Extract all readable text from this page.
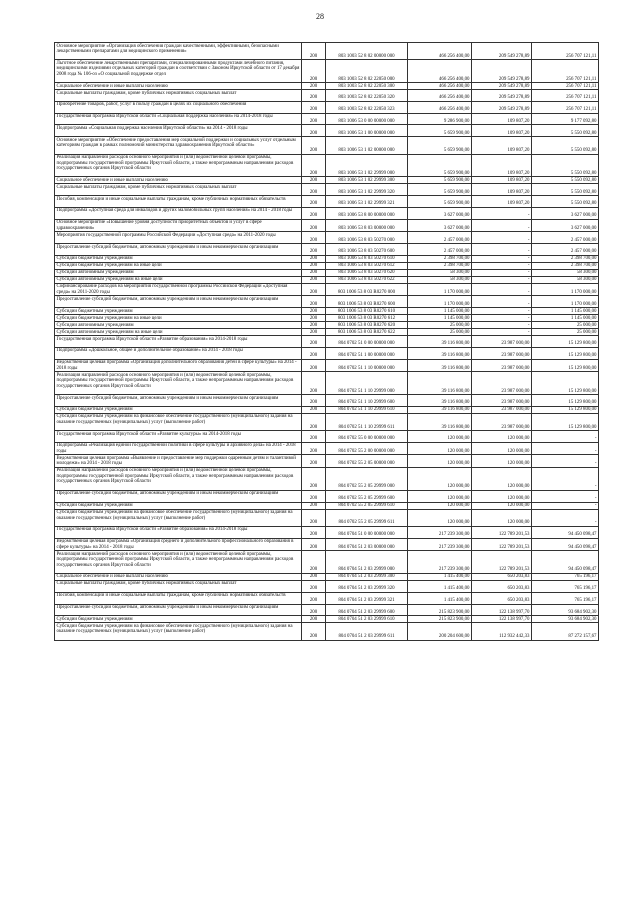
28
Основное мероприятие «Организация обеспечения граждан качественными, эффективными, безопасными лекарственными препаратами для медицинского применения»	200	803 1003 52 8 02 00000 000	466 256 400,00	209 549 278,89	256 707 121,11
Льготное обеспечение лекарственными препаратами, специализированными продуктами лечебного питания, медицинскими изделиями отдельных категорий граждан в соответствии с Законом Иркутской области от 17 декабря 2008 года № 106-оз «О социальной поддержке отдел	200	803 1003 52 8 02 22050 000	466 256 400,00	209 549 278,89	256 707 121,11
Социальное обеспечение и иные выплаты населению	200	803 1003 52 8 02 22050 300	466 256 400,00	209 549 278,89	256 707 121,11
Социальные выплаты гражданам, кроме публичных нормативных социальных выплат	200	803 1003 52 8 02 22050 320	466 256 400,00	209 549 278,89	256 707 121,11
Приобретение товаров, работ, услуг в пользу граждан в целях их социального обеспечения	200	803 1003 52 8 02 22050 323	466 256 400,00	209 549 278,89	256 707 121,11
Государственная программа Иркутской области «Социальная поддержка населения» на 2014-2018 годы	200	803 1006 53 0 00 00000 000	9 286 900,00	109 807,20	9 177 092,80
Подпрограмма «Социальная поддержка населения Иркутской области» на 2014 - 2018 годы	200	803 1006 53 1 00 00000 000	5 659 900,00	109 807,20	5 550 092,80
Основное мероприятие «Обеспечение предоставления мер социальной поддержки и социальных услуг отдельным категориям граждан в рамках полномочий министерства здравоохранения Иркутской области»	200	803 1006 53 1 02 00000 000	5 659 900,00	109 807,20	5 550 092,80
Реализация направлений расходов основного мероприятия и (или) ведомственной целевой программы, подпрограммы государственной программы Иркутской области, а также непрограммным направлениям расходов государственных органов Иркутской области	200	803 1006 53 1 02 29999 000	5 659 900,00	109 807,20	5 550 092,80
Социальное обеспечение и иные выплаты населению	200	803 1006 53 1 02 29999 300	5 659 900,00	109 807,20	5 550 092,80
Социальные выплаты гражданам, кроме публичных нормативных социальных выплат	200	803 1006 53 1 02 29999 320	5 659 900,00	109 807,20	5 550 092,80
Пособия, компенсации и иные социальные выплаты гражданам, кроме публичных нормативных обязательств	200	803 1006 53 1 02 29999 321	5 659 900,00	109 807,20	5 550 092,80
Подпрограмма «Доступная среда для инвалидов и других маломобильных групп населения» на 2014 - 2018 годы	200	803 1006 53 8 00 00000 000	3 627 000,00	-	3 627 000,00
Основное мероприятие «Повышение уровня доступности приоритетных объектов и услуг в сфере здравоохранения»	200	803 1006 53 8 03 00000 000	3 627 000,00	-	3 627 000,00
Мероприятия государственной программы Российской Федерации «Доступная среда» на 2011-2020 годы	200	803 1006 53 8 03 50270 000	2 457 000,00	-	2 457 000,00
Предоставление субсидий бюджетным, автономным учреждениям и иным некоммерческим организациям	200	803 1006 53 8 03 50270 600	2 457 000,00	-	2 457 000,00
Субсидии бюджетным учреждениям	200	803 1006 53 8 03 50270 610	2 398 700,00	-	2 398 700,00
Субсидии бюджетным учреждениям на иные цели	200	803 1006 53 8 03 50270 612	2 398 700,00	-	2 398 700,00
Субсидии автономным учреждениям	200	803 1006 53 8 03 50270 620	58 300,00	-	58 300,00
Субсидии автономным учреждениям на иные цели	200	803 1006 53 8 03 50270 622	58 300,00	-	58 300,00
Софинансирование расходов на мероприятия государственной программы Российской Федерации «Доступная среда» на 2011-2020 годы	200	803 1006 53 8 03 R0270 000	1 170 000,00	-	1 170 000,00
Предоставление субсидий бюджетным, автономным учреждениям и иным некоммерческим организациям	200	803 1006 53 8 03 R0270 600	1 170 000,00	-	1 170 000,00
Субсидии бюджетным учреждениям	200	803 1006 53 8 03 R0270 610	1 145 000,00	-	1 145 000,00
Субсидии бюджетным учреждениям на иные цели	200	803 1006 53 8 03 R0270 612	1 145 000,00	-	1 145 000,00
Субсидии автономным учреждениям	200	803 1006 53 8 03 R0270 620	25 000,00	-	25 000,00
Субсидии автономным учреждениям на иные цели	200	803 1006 53 8 03 R0270 622	25 000,00	-	25 000,00
Государственная программа Иркутской области «Развитие образования» на 2014-2018 годы	200	804 0702 51 0 00 00000 000	39 116 800,00	23 987 000,00	15 129 800,00
Подпрограмма «Дошкольное, общее и дополнительное образование» на 2014 - 2018 годы	200	804 0702 51 1 00 00000 000	39 116 800,00	23 987 000,00	15 129 800,00
Ведомственная целевая программа «Организация дополнительного образования детей в сфере культуры» на 2014 - 2018 годы	200	804 0702 51 1 10 00000 000	39 116 800,00	23 987 000,00	15 129 800,00
Реализация направлений расходов основного мероприятия и (или) ведомственной целевой программы, подпрограммы государственной программы Иркутской области, а также непрограммным направлениям расходов государственных органов Иркутской области	200	804 0702 51 1 10 29999 000	39 116 800,00	23 987 000,00	15 129 800,00
Предоставление субсидий бюджетным, автономным учреждениям и иным некоммерческим организациям	200	804 0702 51 1 10 29999 600	39 116 800,00	23 987 000,00	15 129 800,00
Субсидии бюджетным учреждениям	200	804 0702 51 1 10 29999 610	39 116 800,00	23 987 000,00	15 129 800,00
Субсидии бюджетным учреждениям на финансовое обеспечение государственного (муниципального) задания на оказание государственных (муниципальных) услуг (выполнение работ)	200	804 0702 51 1 10 29999 611	39 116 800,00	23 987 000,00	15 129 800,00
Государственная программа Иркутской области «Развитие культуры» на 2014-2018 годы	200	804 0702 55 0 00 00000 000	120 000,00	120 000,00	-
Подпрограмма «Реализация единой государственной политики в сфере культуры и архивного дела» на 2014 - 2018 годы	200	804 0702 55 2 00 00000 000	120 000,00	120 000,00	-
Ведомственная целевая программа «Выявление и предоставление мер поддержки одаренным детям и талантливой молодежи» на 2014 - 2018 годы	200	804 0702 55 2 05 00000 000	120 000,00	120 000,00	-
Реализация направлений расходов основного мероприятия и (или) ведомственной целевой программы, подпрограммы государственной программы Иркутской области, а также непрограммным направлениям расходов государственных органов Иркутской области	200	804 0702 55 2 05 29999 000	120 000,00	120 000,00	-
Предоставление субсидий бюджетным, автономным учреждениям и иным некоммерческим организациям	200	804 0702 55 2 05 29999 600	120 000,00	120 000,00	-
Субсидии бюджетным учреждениям	200	804 0702 55 2 05 29999 610	120 000,00	120 000,00	-
Субсидии бюджетным учреждениям на финансовое обеспечение государственного (муниципального) задания на оказание государственных (муниципальных) услуг (выполнение работ)	200	804 0702 55 2 05 29999 611	120 000,00	120 000,00	-
Государственная программа Иркутской области «Развитие образования» на 2014-2018 годы	200	804 0704 51 0 00 00000 000	217 239 300,00	122 789 201,53	94 450 098,47
Ведомственная целевая программа «Организация среднего и дополнительного профессионального образования в сфере культуры» на 2014 - 2018 годы	200	804 0704 51 2 03 00000 000	217 239 300,00	122 789 201,53	94 450 098,47
Реализация направлений расходов основного мероприятия и (или) ведомственной целевой программы, подпрограммы государственной программы Иркутской области, а также непрограммным направлениям расходов государственных органов Иркутской области	200	804 0704 51 2 03 29999 000	217 239 300,00	122 789 201,53	94 450 098,47
Социальное обеспечение и иные выплаты населению	200	804 0704 51 2 03 29999 300	1 415 400,00	650 203,83	765 196,17
Социальные выплаты гражданам, кроме публичных нормативных социальных выплат	200	804 0704 51 2 03 29999 320	1 415 400,00	650 203,83	765 196,17
Пособия, компенсации и иные социальные выплаты гражданам, кроме публичных нормативных обязательств	200	804 0704 51 2 03 29999 321	1 415 400,00	650 203,83	765 196,17
Предоставление субсидий бюджетным, автономным учреждениям и иным некоммерческим организациям	200	804 0704 51 2 03 29999 600	215 823 900,00	122 138 997,70	93 684 902,30
Субсидии бюджетным учреждениям	200	804 0704 51 2 03 29999 610	215 823 900,00	122 138 997,70	93 684 902,30
Субсидии бюджетным учреждениям на финансовое обеспечение государственного (муниципального) задания на оказание государственных (муниципальных) услуг (выполнение работ)	200	804 0704 51 2 03 29999 611	200 204 600,00	112 932 442,33	87 272 157,67
